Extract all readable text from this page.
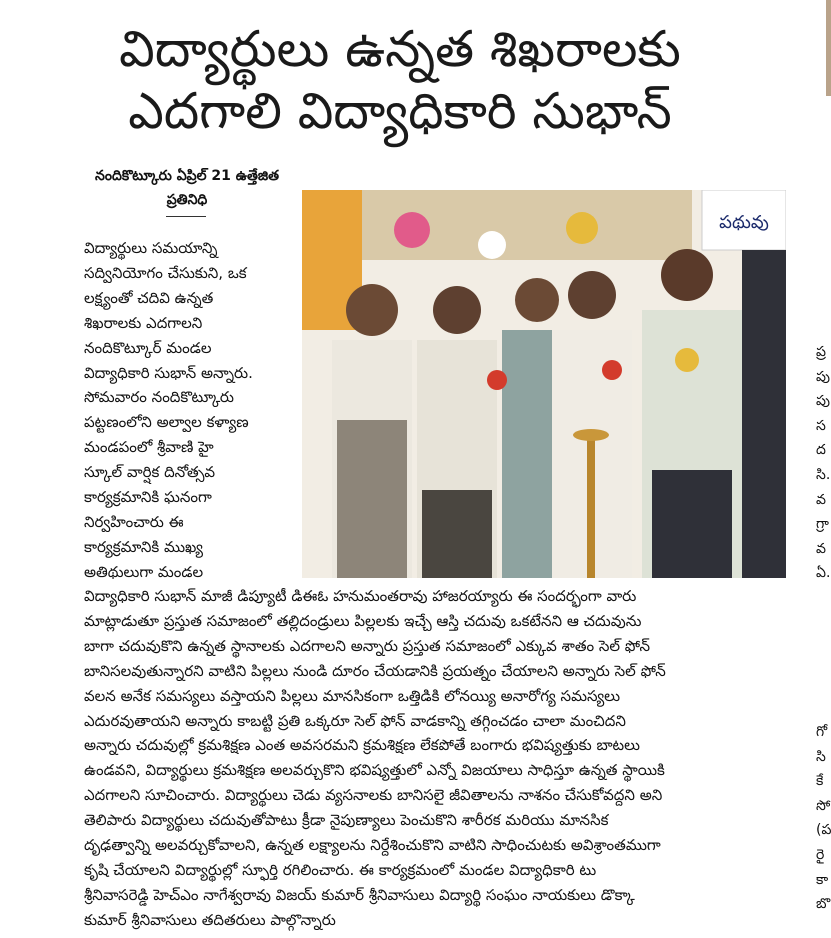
విద్యార్థులు ఉన్నత శిఖరాలకు
ఎదగాలి విద్యాధికారి సుభాన్
నందికొట్కూరు ఏప్రిల్ 21 ఉత్తేజిత
ప్రతినిధి
విద్యార్థులు సమయాన్ని
సద్వినియోగం చేసుకుని, ఒక
లక్ష్యంతో చదివి ఉన్నత
శిఖరాలకు ఎదగాలని
నందికొట్కూర్ మండల
విద్యాధికారి సుభాన్ అన్నారు.
సోమవారం నందికొట్కూరు
పట్టణంలోని అల్వాల కళ్యాణ
మండపంలో శ్రీవాణి హై
స్కూల్ వార్షిక దినోత్సవ
కార్యక్రమానికి ఘనంగా
నిర్వహించారు ఈ
కార్యక్రమానికి ముఖ్య
అతిథులుగా మండల
పథువు
విద్యాధికారి సుభాన్ మాజీ డిప్యూటీ డిఈఓ హనుమంతరావు హాజరయ్యారు ఈ సందర్భంగా వారు
మాట్లాడుతూ ప్రస్తుత సమాజంలో తల్లిదండ్రులు పిల్లలకు ఇచ్చే ఆస్తి చదువు ఒకటేనని ఆ చదువును
బాగా చదువుకొని ఉన్నత స్థానాలకు ఎదగాలని అన్నారు ప్రస్తుత సమాజంలో ఎక్కువ శాతం సెల్ ఫోన్
బానిసలవుతున్నారని వాటిని పిల్లలు నుండి దూరం చేయడానికి ప్రయత్నం చేయాలని అన్నారు సెల్ ఫోన్
వలన అనేక సమస్యలు వస్తాయని పిల్లలు మానసికంగా ఒత్తిడికి లోనయ్యి అనారోగ్య సమస్యలు
ఎదురవుతాయని అన్నారు కాబట్టి ప్రతి ఒక్కరూ సెల్ ఫోన్ వాడకాన్ని తగ్గించడం చాలా మంచిదని
అన్నారు చదువుల్లో క్రమశిక్షణ ఎంత అవసరమని క్రమశిక్షణ లేకపోతే బంగారు భవిష్యత్తుకు బాటలు
ఉండవని, విద్యార్థులు క్రమశిక్షణ అలవర్చుకొని భవిష్యత్తులో ఎన్నో విజయాలు సాధిస్తూ ఉన్నత స్థాయికి
ఎదగాలని సూచించారు. విద్యార్థులు చెడు వ్యసనాలకు బానిసలై జీవితాలను నాశనం చేసుకోవద్దని అని
తెలిపారు విద్యార్థులు చదువుతోపాటు క్రీడా నైపుణ్యాలు పెంచుకొని శారీరక మరియు మానసిక
దృఢత్వాన్ని అలవర్చుకోవాలని, ఉన్నత లక్ష్యాలను నిర్దేశించుకొని వాటిని సాధించుటకు అవిశ్రాంతముగా
కృషి చేయాలని విద్యార్థుల్లో స్ఫూర్తి రగిలించారు. ఈ కార్యక్రమంలో మండల విద్యాధికారి టు
శ్రీనివాసరెడ్డి హెచ్ఎం నాగేశ్వరావు విజయ్ కుమార్ శ్రీనివాసులు విద్యార్థి సంఘం నాయకులు డొక్కా
కుమార్ శ్రీనివాసులు తదితరులు పాల్గొన్నారు
ప్ర
పు
పు
స
ద
సి.
వ
గ్రా
వ
ఏ.
గో
సి
కే
సో
(ప
రై
కా
బొ
